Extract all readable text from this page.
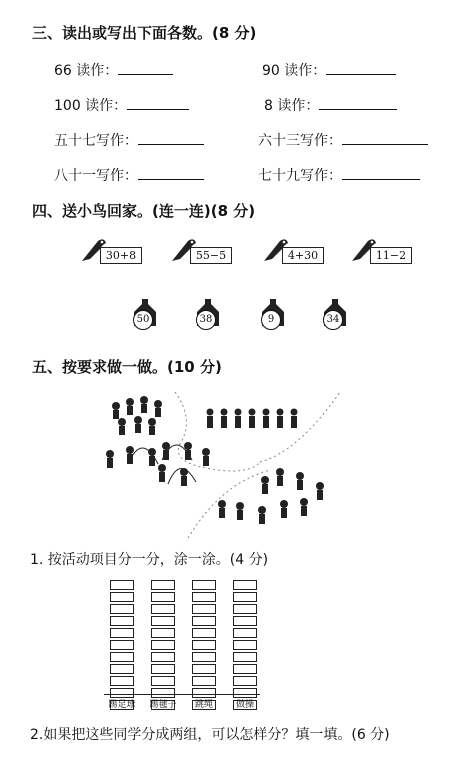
三、读出或写出下面各数。(8 分)
66 读作：	90 读作：
100 读作：	8 读作：
五十七写作：	六十三写作：
八十一写作：	七十九写作：
四、送小鸟回家。(连一连)(8 分)
30+8	55−5	4+30	11−2
50	38	9	34
五、按要求做一做。(10 分)
1. 按活动项目分一分，涂一涂。(4 分)
踢足球	踢毽子	跳绳	做操
2.如果把这些同学分成两组，可以怎样分？填一填。(6 分)
